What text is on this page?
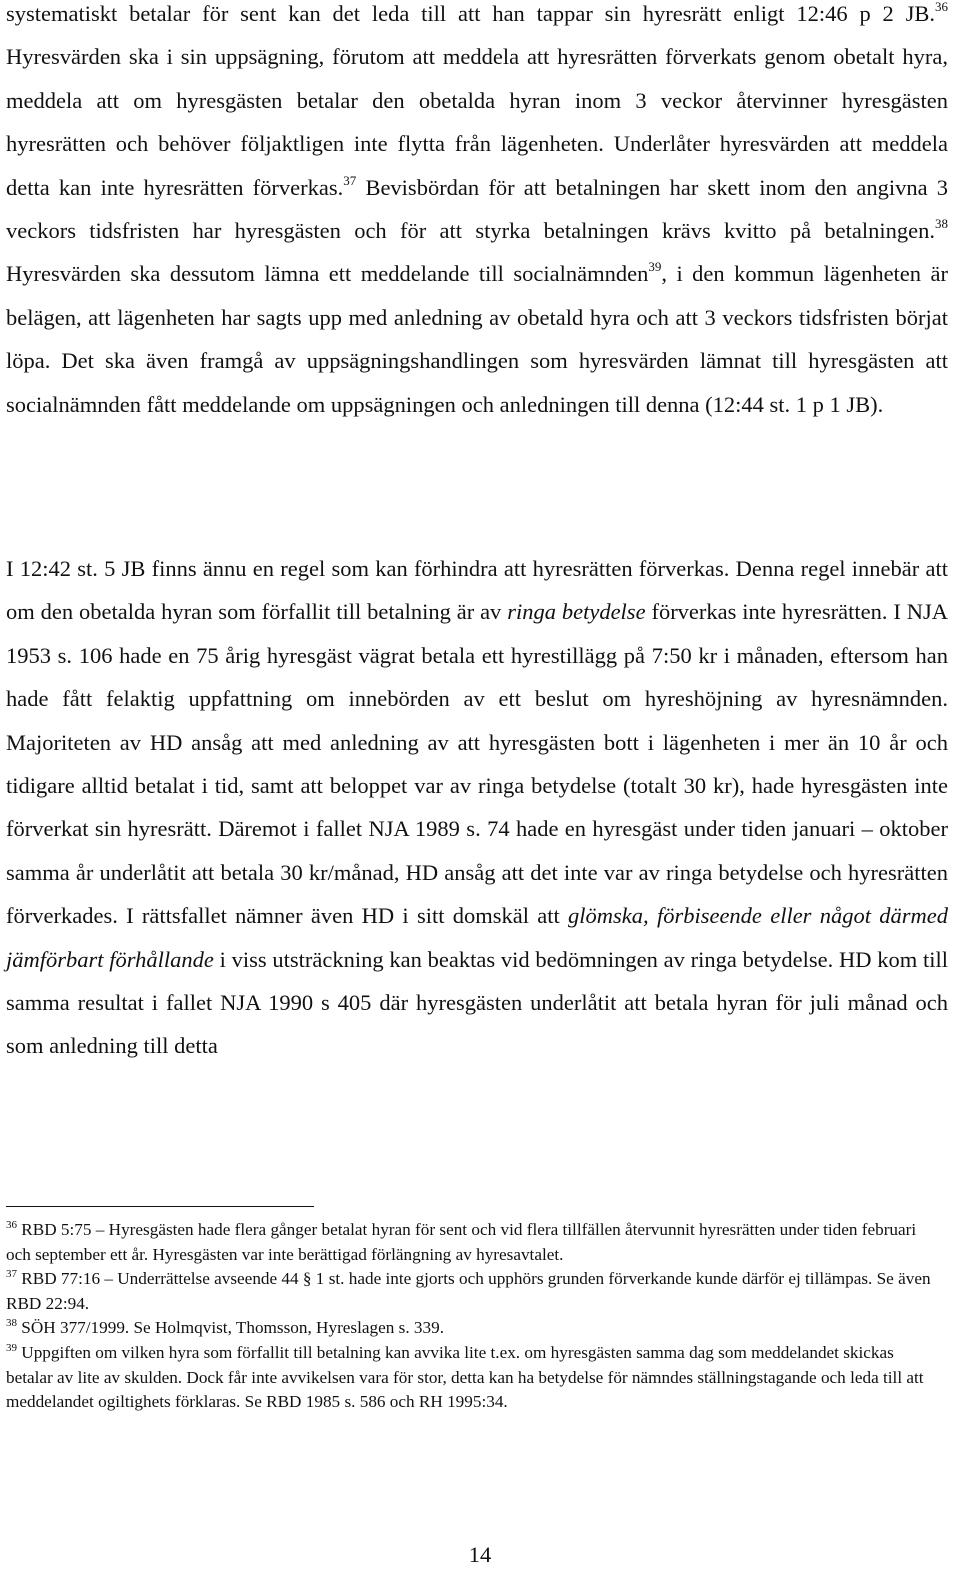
systematiskt betalar för sent kan det leda till att han tappar sin hyresrätt enligt 12:46 p 2 JB.$^{36}$ Hyresvärden ska i sin uppsägning, förutom att meddela att hyresrätten förverkats genom obetalt hyra, meddela att om hyresgästen betalar den obetalda hyran inom 3 veckor återvinner hyresgästen hyresrätten och behöver följaktligen inte flytta från lägenheten. Underlåter hyresvärden att meddela detta kan inte hyresrätten förverkas.$^{37}$ Bevisbördan för att betalningen har skett inom den angivna 3 veckors tidsfristen har hyresgästen och för att styrka betalningen krävs kvitto på betalningen.$^{38}$ Hyresvärden ska dessutom lämna ett meddelande till socialnämnden$^{39}$, i den kommun lägenheten är belägen, att lägenheten har sagts upp med anledning av obetald hyra och att 3 veckors tidsfristen börjat löpa. Det ska även framgå av uppsägningshandlingen som hyresvärden lämnat till hyresgästen att socialnämnden fått meddelande om uppsägningen och anledningen till denna (12:44 st. 1 p 1 JB).

I 12:42 st. 5 JB finns ännu en regel som kan förhindra att hyresrätten förverkas. Denna regel innebär att om den obetalda hyran som förfallit till betalning är av ringa betydelse förverkas inte hyresrätten. I NJA 1953 s. 106 hade en 75 årig hyresgäst vägrat betala ett hyrestillägg på 7:50 kr i månaden, eftersom han hade fått felaktig uppfattning om innebörden av ett beslut om hyreshöjning av hyresnämnden. Majoriteten av HD ansåg att med anledning av att hyresgästen bott i lägenheten i mer än 10 år och tidigare alltid betalat i tid, samt att beloppet var av ringa betydelse (totalt 30 kr), hade hyresgästen inte förverkat sin hyresrätt. Däremot i fallet NJA 1989 s. 74 hade en hyresgäst under tiden januari – oktober samma år underlåtit att betala 30 kr/månad, HD ansåg att det inte var av ringa betydelse och hyresrätten förverkades. I rättsfallet nämner även HD i sitt domskäl att glömska, förbiseende eller något därmed jämförbart förhållande i viss utsträckning kan beaktas vid bedömningen av ringa betydelse. HD kom till samma resultat i fallet NJA 1990 s 405 där hyresgästen underlåtit att betala hyran för juli månad och som anledning till detta

$^{36}$ RBD 5:75 – Hyresgästen hade flera gånger betalat hyran för sent och vid flera tillfällen återvunnit hyresrätten under tiden februari och september ett år. Hyresgästen var inte berättigad förlängning av hyresavtalet.

$^{37}$ RBD 77:16 – Underrättelse avseende 44 § 1 st. hade inte gjorts och upphörs grunden förverkande kunde därför ej tillämpas. Se även RBD 22:94.

$^{38}$ SÖH 377/1999. Se Holmqvist, Thomsson, Hyreslagen s. 339.

$^{39}$ Uppgiften om vilken hyra som förfallit till betalning kan avvika lite t.ex. om hyresgästen samma dag som meddelandet skickas betalar av lite av skulden. Dock får inte avvikelsen vara för stor, detta kan ha betydelse för nämndes ställningstagande och leda till att meddelandet ogiltighets förklaras. Se RBD 1985 s. 586 och RH 1995:34.

14
